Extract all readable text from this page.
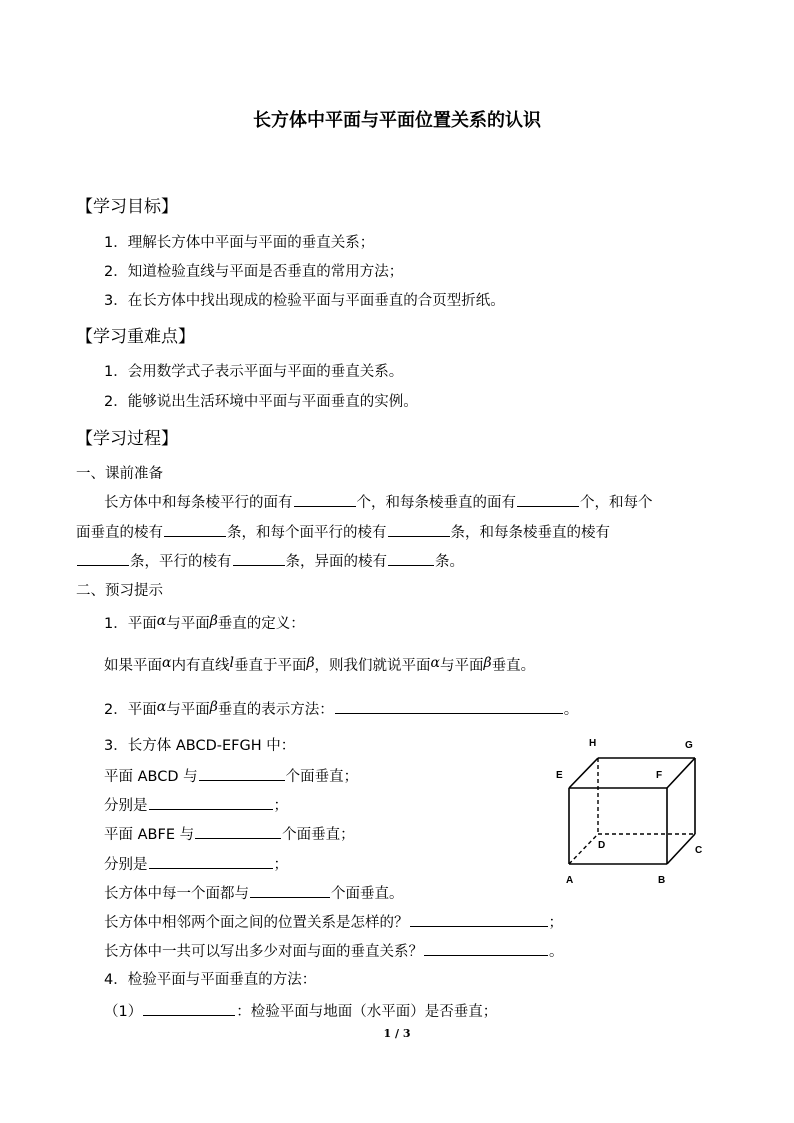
长方体中平面与平面位置关系的认识
【学习目标】
1．理解长方体中平面与平面的垂直关系；
2．知道检验直线与平面是否垂直的常用方法；
3．在长方体中找出现成的检验平面与平面垂直的合页型折纸。
【学习重难点】
1．会用数学式子表示平面与平面的垂直关系。
2．能够说出生活环境中平面与平面垂直的实例。
【学习过程】
一、课前准备
长方体中和每条棱平行的面有	个，和每条棱垂直的面有	个，和每个
面垂直的棱有	条，和每个面平行的棱有	条，和每条棱垂直的棱有
条，平行的棱有	条，异面的棱有	条。
二、预习提示
1．平面α与平面β垂直的定义：
如果平面α内有直线l垂直于平面β，则我们就说平面α与平面β垂直。
2．平面α与平面β垂直的表示方法：	。
3．长方体 ABCD-EFGH 中：
平面 ABCD 与	个面垂直；
分别是	；
平面 ABFE 与	个面垂直；
分别是	；
长方体中每一个面都与	个面垂直。
长方体中相邻两个面之间的位置关系是怎样的？	；
长方体中一共可以写出多少对面与面的垂直关系？	。
4．检验平面与平面垂直的方法：
（1）	：检验平面与地面（水平面）是否垂直；
H	G
E	F
D	C
A	B
1 / 3
